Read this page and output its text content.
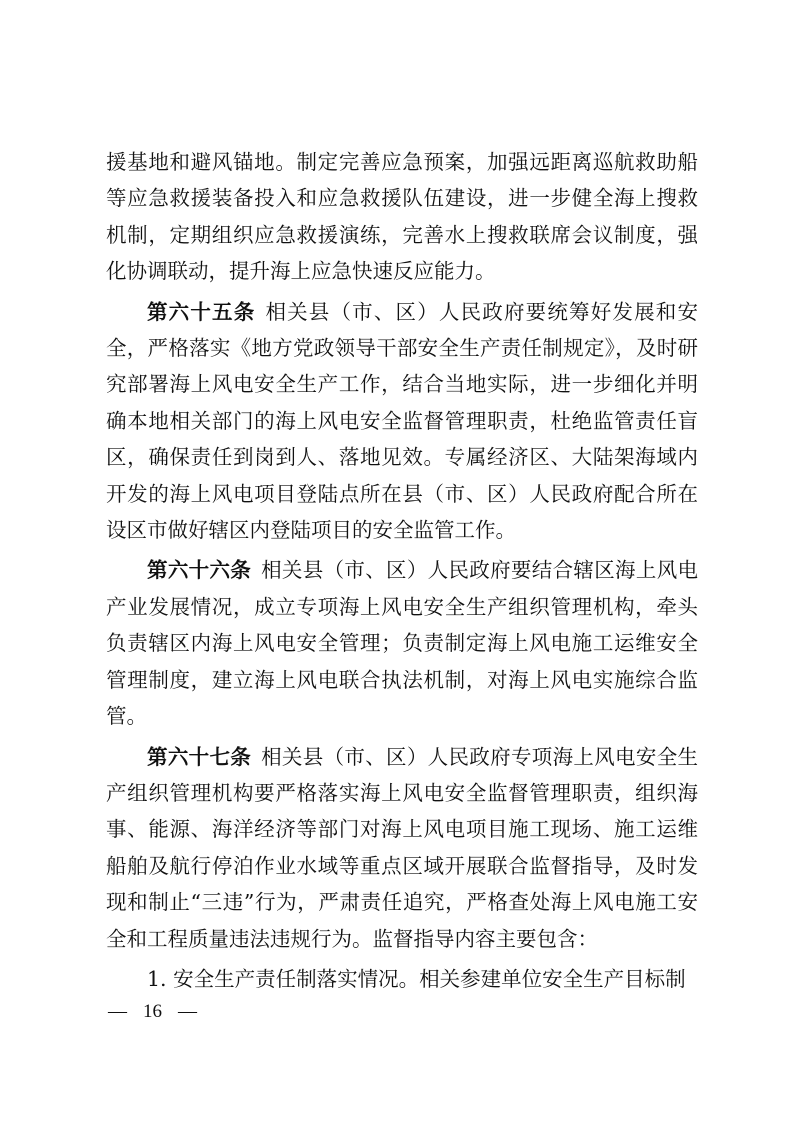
援基地和避风锚地。制定完善应急预案，加强远距离巡航救助船等应急救援装备投入和应急救援队伍建设，进一步健全海上搜救机制，定期组织应急救援演练，完善水上搜救联席会议制度，强化协调联动，提升海上应急快速反应能力。

第六十五条 相关县（市、区）人民政府要统筹好发展和安全，严格落实《地方党政领导干部安全生产责任制规定》，及时研究部署海上风电安全生产工作，结合当地实际，进一步细化并明确本地相关部门的海上风电安全监督管理职责，杜绝监管责任盲区，确保责任到岗到人、落地见效。专属经济区、大陆架海域内开发的海上风电项目登陆点所在县（市、区）人民政府配合所在设区市做好辖区内登陆项目的安全监管工作。

第六十六条 相关县（市、区）人民政府要结合辖区海上风电产业发展情况，成立专项海上风电安全生产组织管理机构，牵头负责辖区内海上风电安全管理；负责制定海上风电施工运维安全管理制度，建立海上风电联合执法机制，对海上风电实施综合监管。

第六十七条 相关县（市、区）人民政府专项海上风电安全生产组织管理机构要严格落实海上风电安全监督管理职责，组织海事、能源、海洋经济等部门对海上风电项目施工现场、施工运维船舶及航行停泊作业水域等重点区域开展联合监督指导，及时发现和制止“三违”行为，严肃责任追究，严格查处海上风电施工安全和工程质量违法违规行为。监督指导内容主要包含：

1. 安全生产责任制落实情况。相关参建单位安全生产目标制

— 16 —
